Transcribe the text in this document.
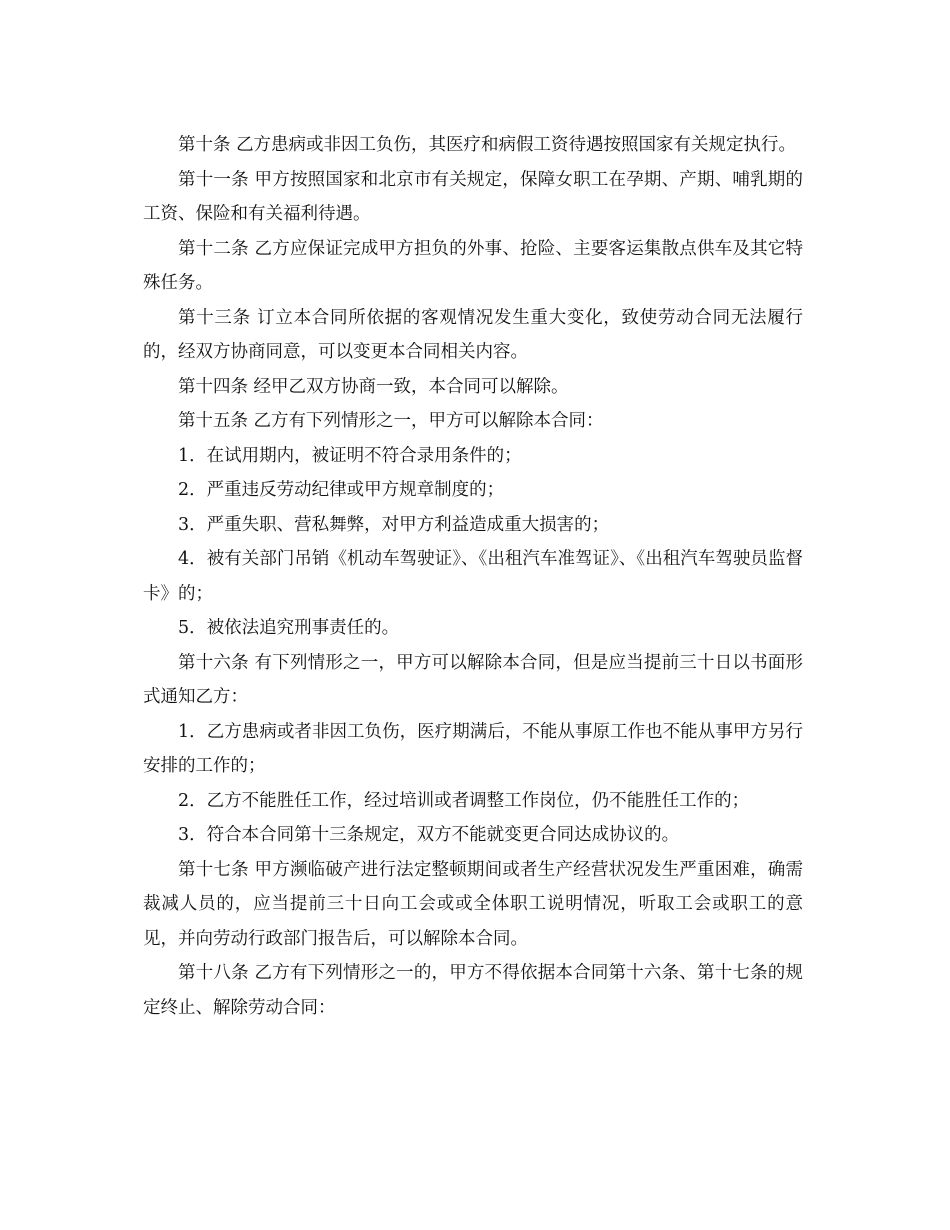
第十条 乙方患病或非因工负伤，其医疗和病假工资待遇按照国家有关规定执行。

第十一条 甲方按照国家和北京市有关规定，保障女职工在孕期、产期、哺乳期的工资、保险和有关福利待遇。

第十二条 乙方应保证完成甲方担负的外事、抢险、主要客运集散点供车及其它特殊任务。

第十三条 订立本合同所依据的客观情况发生重大变化，致使劳动合同无法履行的，经双方协商同意，可以变更本合同相关内容。

第十四条 经甲乙双方协商一致，本合同可以解除。

第十五条 乙方有下列情形之一，甲方可以解除本合同：

1．在试用期内，被证明不符合录用条件的；

2．严重违反劳动纪律或甲方规章制度的；

3．严重失职、营私舞弊，对甲方利益造成重大损害的；

4．被有关部门吊销《机动车驾驶证》、《出租汽车准驾证》、《出租汽车驾驶员监督卡》的；

5．被依法追究刑事责任的。

第十六条 有下列情形之一，甲方可以解除本合同，但是应当提前三十日以书面形式通知乙方：

1．乙方患病或者非因工负伤，医疗期满后，不能从事原工作也不能从事甲方另行安排的工作的；

2．乙方不能胜任工作，经过培训或者调整工作岗位，仍不能胜任工作的；

3．符合本合同第十三条规定，双方不能就变更合同达成协议的。

第十七条 甲方濒临破产进行法定整顿期间或者生产经营状况发生严重困难，确需裁减人员的，应当提前三十日向工会或或全体职工说明情况，听取工会或职工的意见，并向劳动行政部门报告后，可以解除本合同。

第十八条 乙方有下列情形之一的，甲方不得依据本合同第十六条、第十七条的规定终止、解除劳动合同：
